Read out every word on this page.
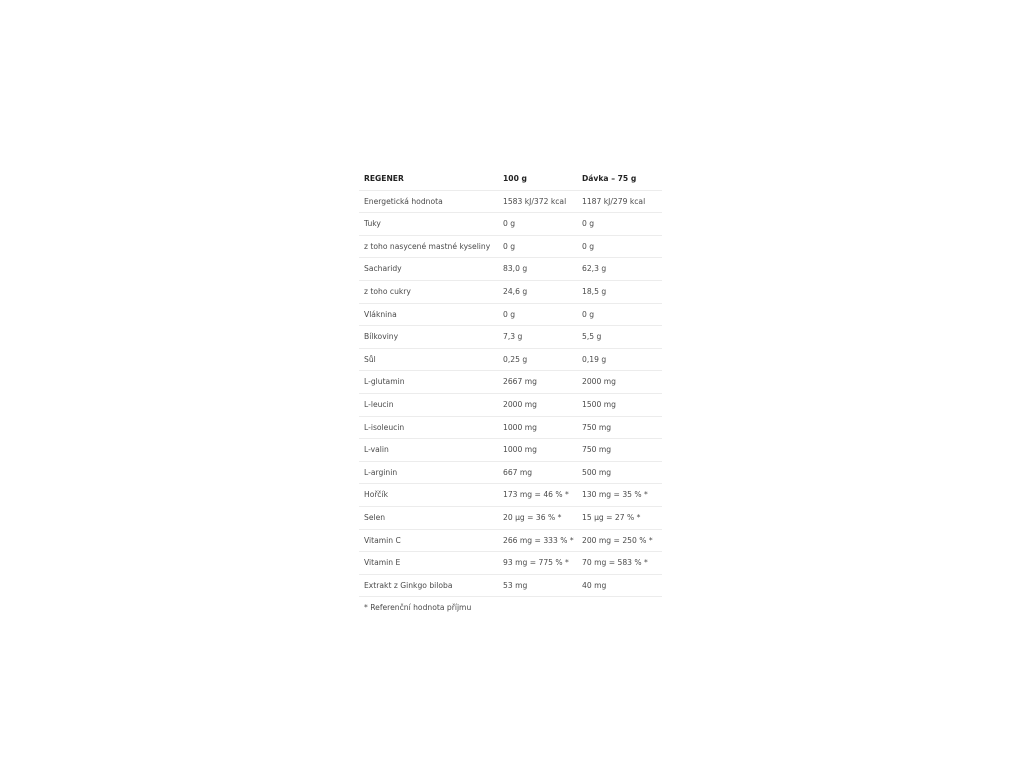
REGENER	100 g	Dávka – 75 g
Energetická hodnota	1583 kJ/372 kcal	1187 kJ/279 kcal
Tuky	0 g	0 g
z toho nasycené mastné kyseliny	0 g	0 g
Sacharidy	83,0 g	62,3 g
z toho cukry	24,6 g	18,5 g
Vláknina	0 g	0 g
Bílkoviny	7,3 g	5,5 g
Sůl	0,25 g	0,19 g
L-glutamin	2667 mg	2000 mg
L-leucin	2000 mg	1500 mg
L-isoleucin	1000 mg	750 mg
L-valin	1000 mg	750 mg
L-arginin	667 mg	500 mg
Hořčík	173 mg = 46 % *	130 mg = 35 % *
Selen	20 µg = 36 % *	15 µg = 27 % *
Vitamin C	266 mg = 333 % *	200 mg = 250 % *
Vitamin E	93 mg = 775 % *	70 mg = 583 % *
Extrakt z Ginkgo biloba	53 mg	40 mg
* Referenční hodnota příjmu
